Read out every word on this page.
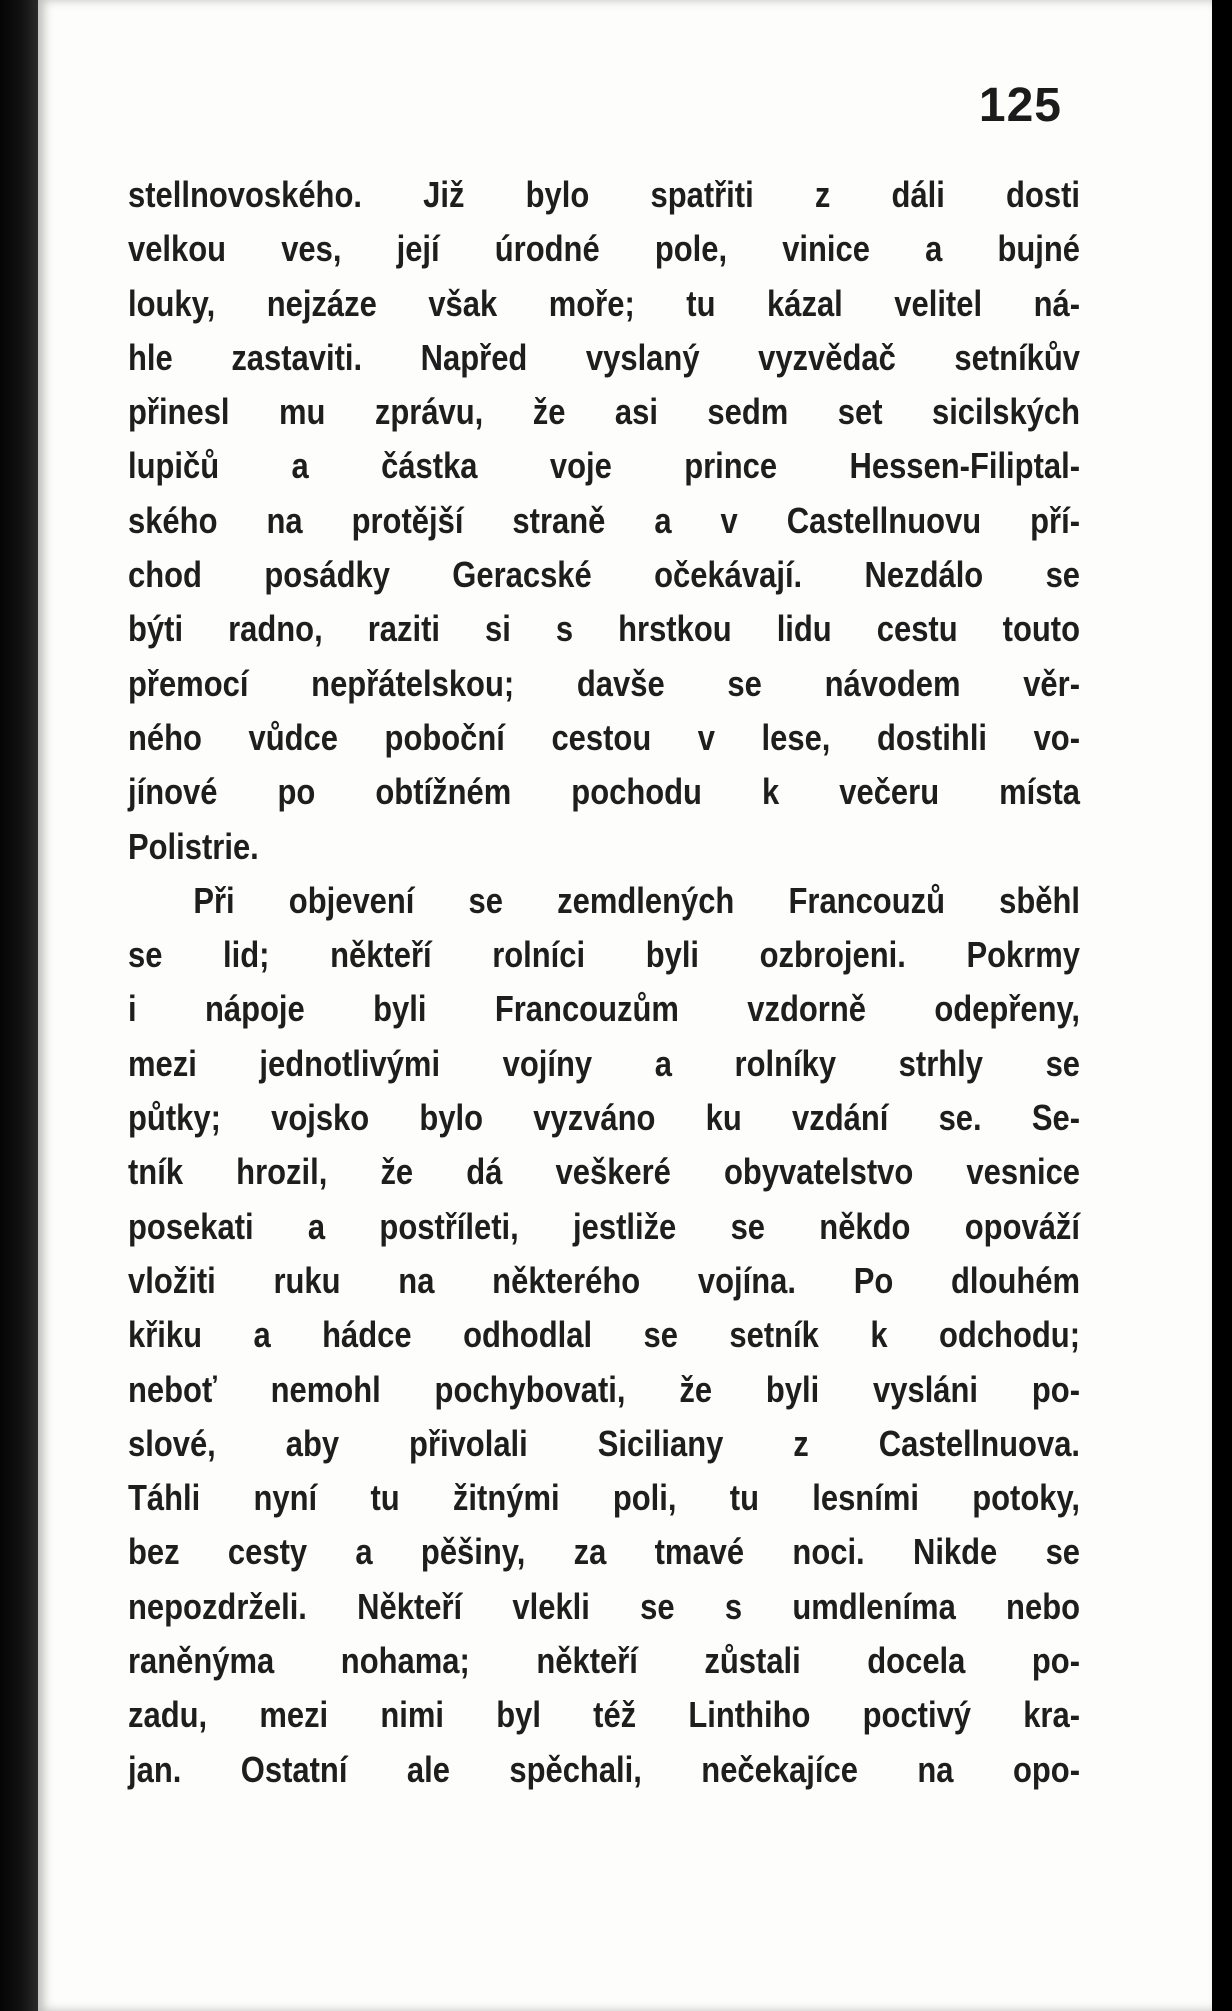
125
stellnovoského. Již bylo spatřiti z dáli dosti
velkou ves, její úrodné pole, vinice a bujné
louky, nejzáze však moře; tu kázal velitel ná-
hle zastaviti. Napřed vyslaný vyzvědač setníkův
přinesl mu zprávu, že asi sedm set sicilských
lupičů a částka voje prince Hessen-Filiptal-
ského na protější straně a v Castellnuovu pří-
chod posádky Geracské očekávají. Nezdálo se
býti radno, raziti si s hrstkou lidu cestu touto
přemocí nepřátelskou; davše se návodem věr-
ného vůdce poboční cestou v lese, dostihli vo-
jínové po obtížném pochodu k večeru místa
Polistrie.
Při objevení se zemdlených Francouzů sběhl
se lid; někteří rolníci byli ozbrojeni. Pokrmy
i nápoje byli Francouzům vzdorně odepřeny,
mezi jednotlivými vojíny a rolníky strhly se
půtky; vojsko bylo vyzváno ku vzdání se. Se-
tník hrozil, že dá veškeré obyvatelstvo vesnice
posekati a postříleti, jestliže se někdo opováží
vložiti ruku na některého vojína. Po dlouhém
křiku a hádce odhodlal se setník k odchodu;
neboť nemohl pochybovati, že byli vysláni po-
slové, aby přivolali Siciliany z Castellnuova.
Táhli nyní tu žitnými poli, tu lesními potoky,
bez cesty a pěšiny, za tmavé noci. Nikde se
nepozdrželi. Někteří vlekli se s umdleníma nebo
raněnýma nohama; někteří zůstali docela po-
zadu, mezi nimi byl též Linthiho poctivý kra-
jan. Ostatní ale spěchali, nečekajíce na opo-
